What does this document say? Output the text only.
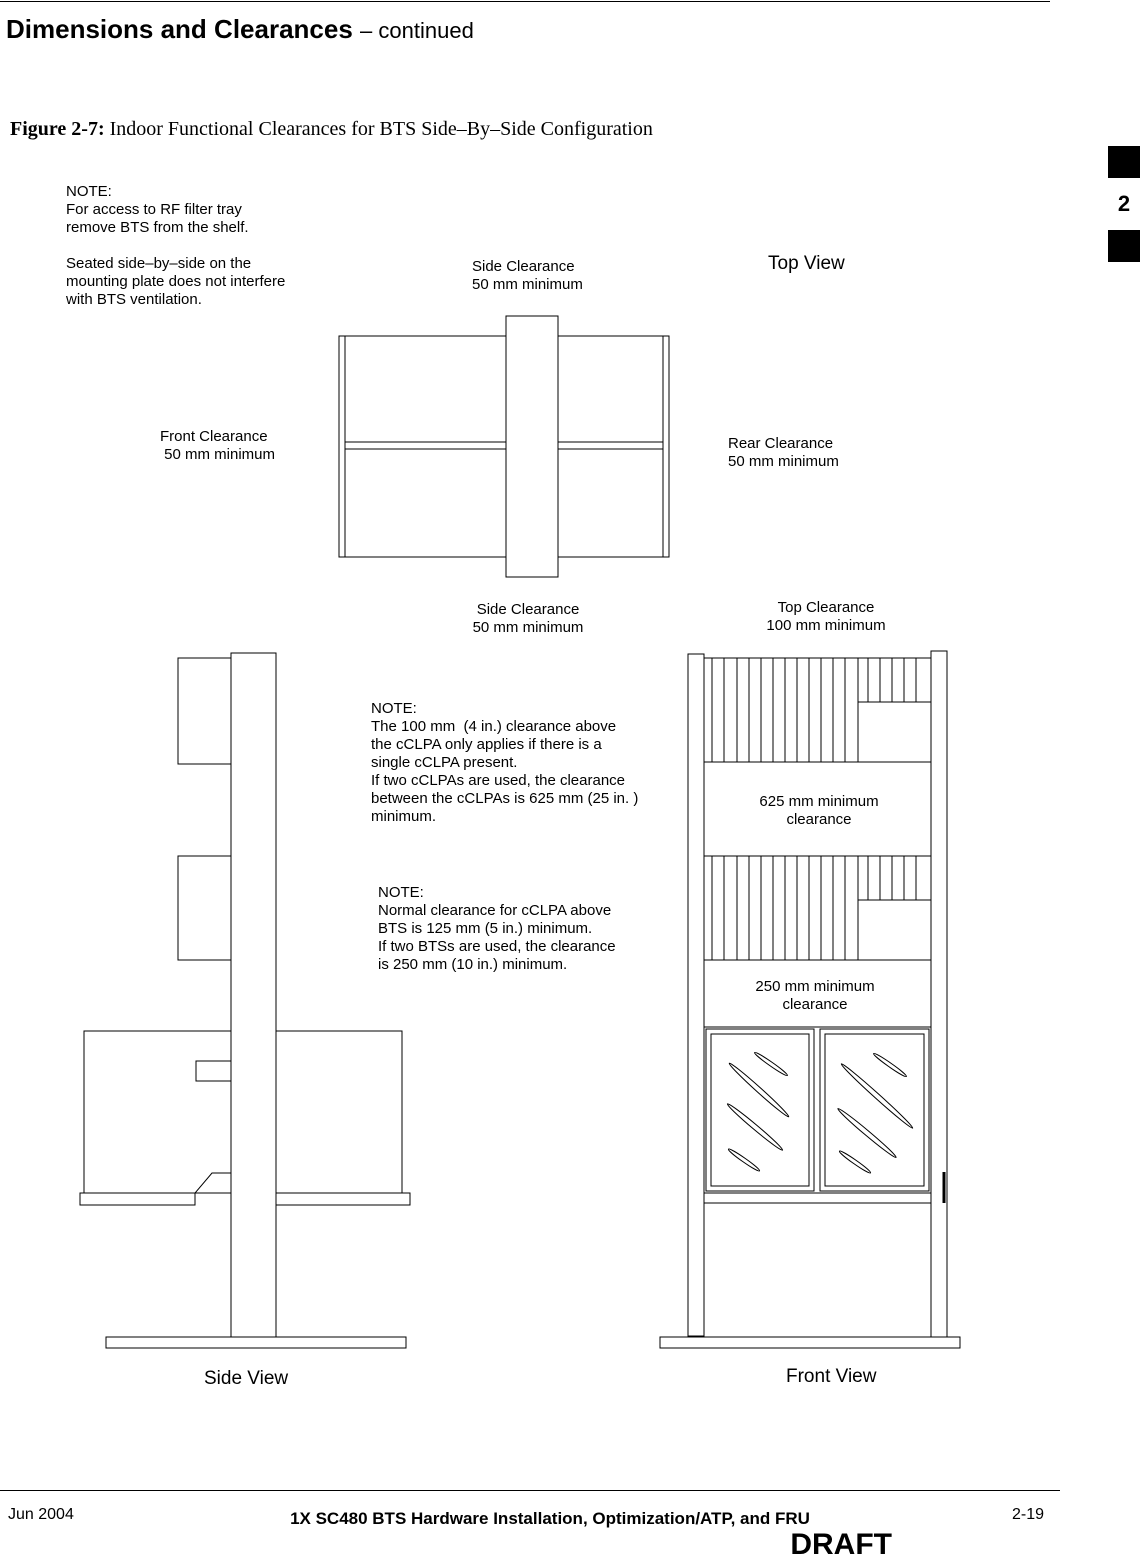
Dimensions and Clearances – continued
Figure 2-7: Indoor Functional Clearances for BTS Side–By–Side Configuration
2
NOTE:
For access to RF filter tray
remove BTS from the shelf.

Seated side–by–side on the
mounting plate does not interfere
with BTS ventilation.
NOTE:
The 100 mm  (4 in.) clearance above
the cCLPA only applies if there is a
single cCLPA present.
If two cCLPAs are used, the clearance
between the cCLPAs is 625 mm (25 in. )
minimum.
NOTE:
Normal clearance for cCLPA above
BTS is 125 mm (5 in.) minimum.
If two BTSs are used, the clearance
is 250 mm (10 in.) minimum.
Side Clearance
50 mm minimum
Front Clearance
50 mm minimum
Rear Clearance
50 mm minimum
Side Clearance
50 mm minimum
Top Clearance
100 mm minimum
625 mm minimum
clearance
250 mm minimum
clearance
Top View
Side View	Front View
Jun 2004	1X SC480 BTS Hardware Installation, Optimization/ATP, and FRU	2-19
DRAFT
